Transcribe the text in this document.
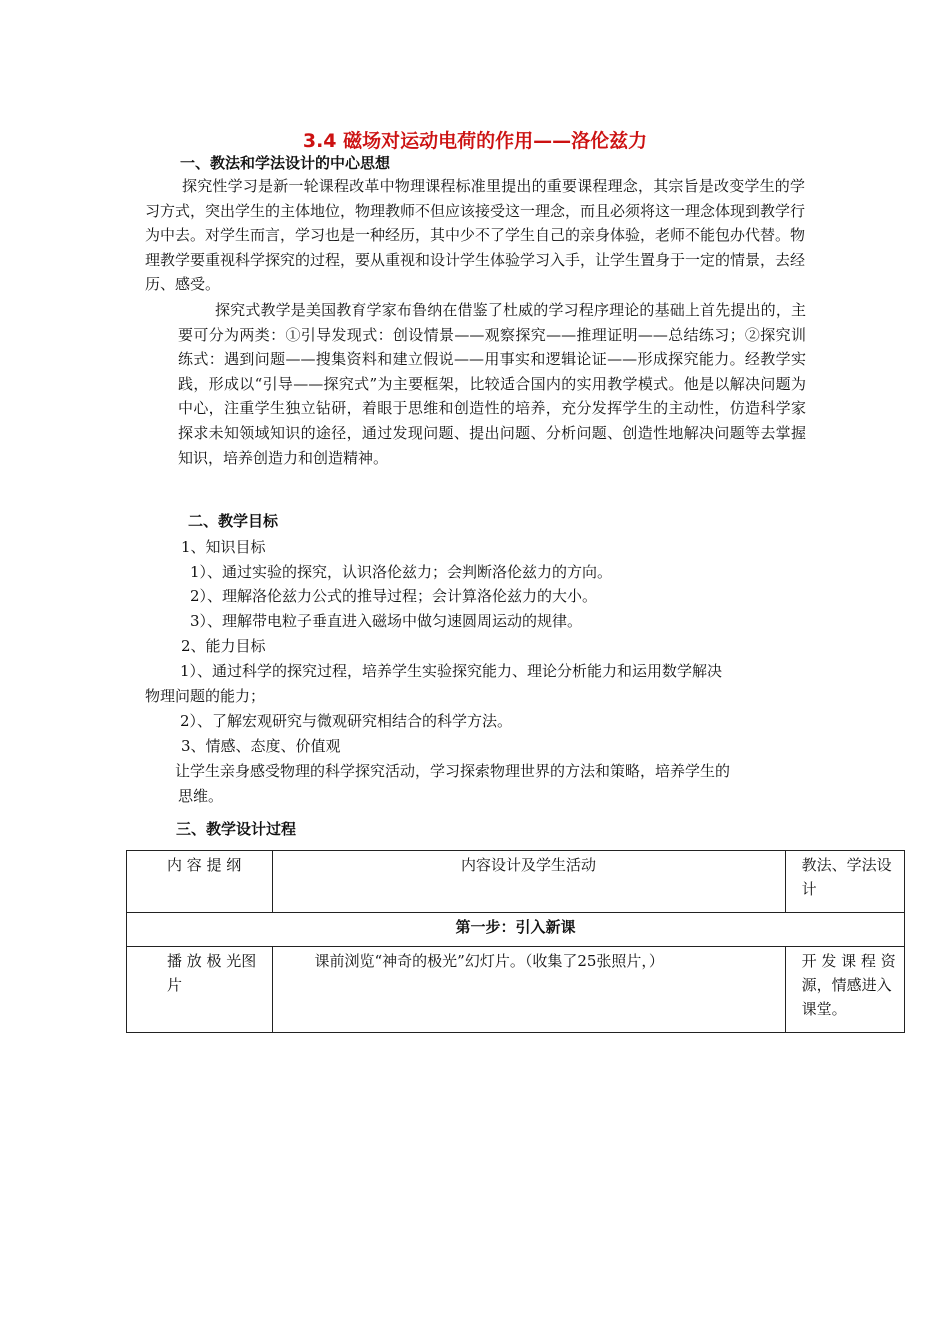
3.4 磁场对运动电荷的作用——洛伦兹力
一、教法和学法设计的中心思想
探究性学习是新一轮课程改革中物理课程标准里提出的重要课程理念，其宗旨是改变学生的学习方式，突出学生的主体地位，物理教师不但应该接受这一理念，而且必须将这一理念体现到教学行为中去。对学生而言，学习也是一种经历，其中少不了学生自己的亲身体验，老师不能包办代替。物理教学要重视科学探究的过程，要从重视和设计学生体验学习入手，让学生置身于一定的情景，去经历、感受。
探究式教学是美国教育学家布鲁纳在借鉴了杜威的学习程序理论的基础上首先提出的，主要可分为两类：①引导发现式：创设情景——观察探究——推理证明——总结练习；②探究训练式：遇到问题——搜集资料和建立假说——用事实和逻辑论证——形成探究能力。经教学实践，形成以“引导——探究式”为主要框架，比较适合国内的实用教学模式。他是以解决问题为中心，注重学生独立钻研，着眼于思维和创造性的培养，充分发挥学生的主动性，仿造科学家探求未知领域知识的途径，通过发现问题、提出问题、分析问题、创造性地解决问题等去掌握知识，培养创造力和创造精神。
二、教学目标
1、知识目标
1）、通过实验的探究，认识洛伦兹力；会判断洛伦兹力的方向。
2）、理解洛伦兹力公式的推导过程；会计算洛伦兹力的大小。
3）、理解带电粒子垂直进入磁场中做匀速圆周运动的规律。
2、能力目标
1）、通过科学的探究过程，培养学生实验探究能力、理论分析能力和运用数学解决
物理问题的能力；
2）、了解宏观研究与微观研究相结合的科学方法。
3、情感、态度、价值观
让学生亲身感受物理的科学探究活动，学习探索物理世界的方法和策略，培养学生的
思维。
三、教学设计过程
内 容 提 纲	内容设计及学生活动	教法、学法设计
第一步：引入新课		
播 放 极 光图片	课前浏览“神奇的极光”幻灯片。（收集了25张照片，）	开 发 课 程 资 源，情感进入课堂。
